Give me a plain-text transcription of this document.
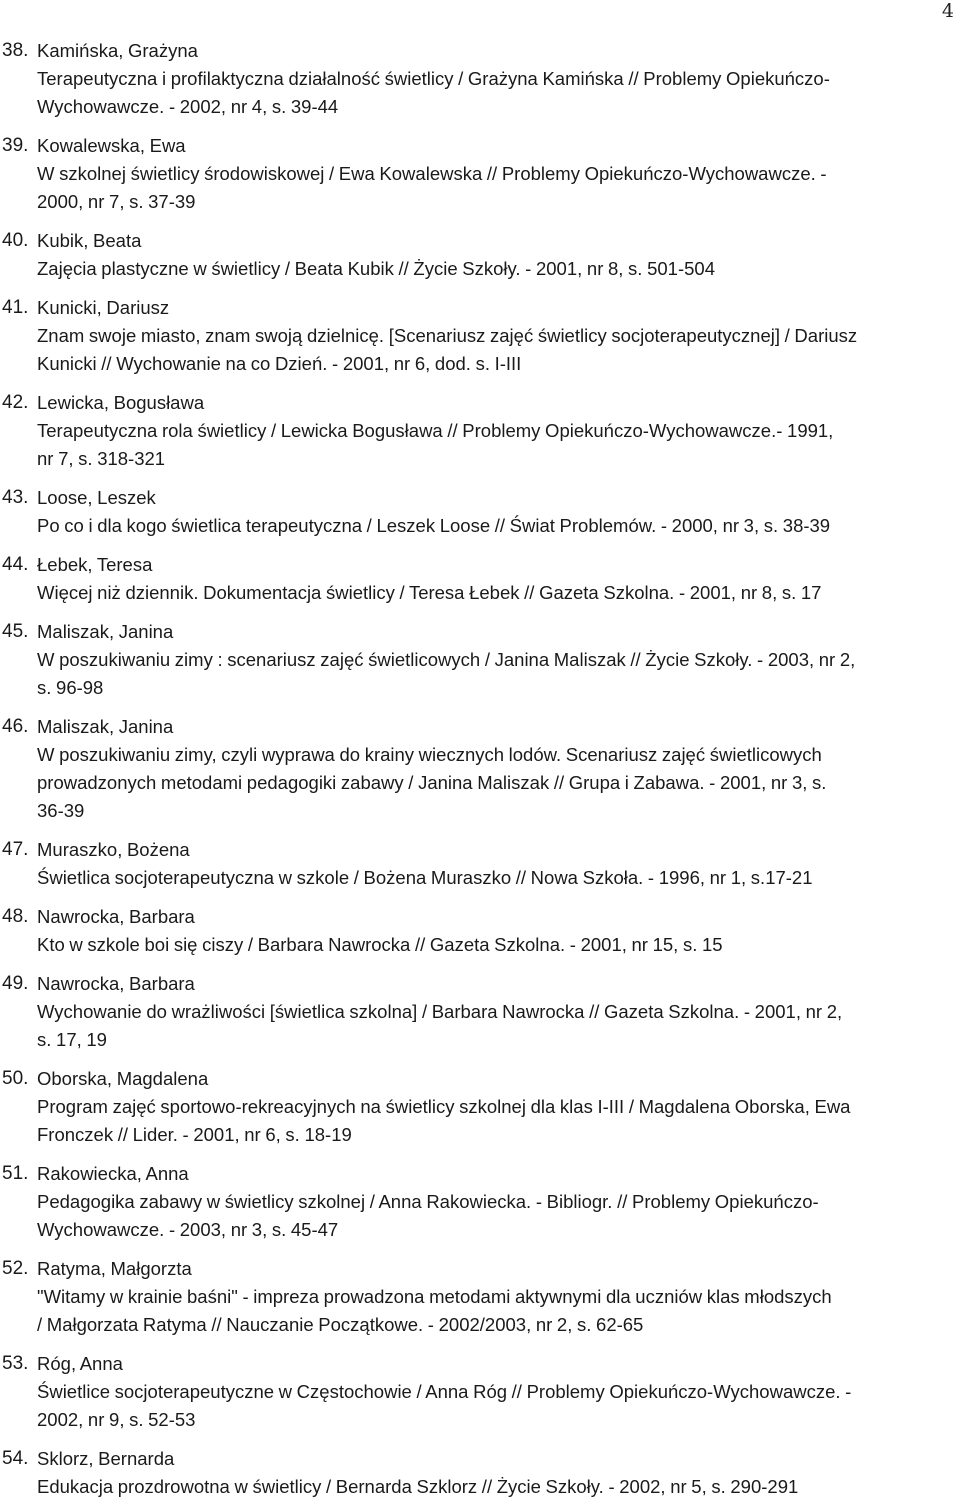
4
38. Kamińska, Grażyna
Terapeutyczna i profilaktyczna działalność świetlicy / Grażyna Kamińska // Problemy Opiekuńczo-
Wychowawcze. - 2002, nr 4, s. 39-44
39. Kowalewska, Ewa
W szkolnej świetlicy środowiskowej / Ewa Kowalewska // Problemy Opiekuńczo-Wychowawcze. -
2000, nr 7, s. 37-39
40. Kubik, Beata
Zajęcia plastyczne w świetlicy / Beata Kubik // Życie Szkoły. - 2001, nr 8, s. 501-504
41. Kunicki, Dariusz
Znam swoje miasto, znam swoją dzielnicę. [Scenariusz zajęć świetlicy socjoterapeutycznej] / Dariusz
Kunicki // Wychowanie na co Dzień. - 2001, nr 6, dod. s. I-III
42. Lewicka, Bogusława
Terapeutyczna rola świetlicy / Lewicka Bogusława // Problemy Opiekuńczo-Wychowawcze.- 1991,
nr 7, s. 318-321
43. Loose, Leszek
Po co i dla kogo świetlica terapeutyczna / Leszek Loose // Świat Problemów. - 2000, nr 3, s. 38-39
44. Łebek, Teresa
Więcej niż dziennik. Dokumentacja świetlicy / Teresa Łebek // Gazeta Szkolna. - 2001, nr 8, s. 17
45. Maliszak, Janina
W poszukiwaniu zimy : scenariusz zajęć świetlicowych / Janina Maliszak // Życie Szkoły. - 2003, nr 2,
s. 96-98
46. Maliszak, Janina
W poszukiwaniu zimy, czyli wyprawa do krainy wiecznych lodów. Scenariusz zajęć świetlicowych
prowadzonych metodami pedagogiki zabawy / Janina Maliszak // Grupa i Zabawa. - 2001, nr 3, s.
36-39
47. Muraszko, Bożena
Świetlica socjoterapeutyczna w szkole / Bożena Muraszko // Nowa Szkoła. - 1996, nr 1, s.17-21
48. Nawrocka, Barbara
Kto w szkole boi się ciszy / Barbara Nawrocka // Gazeta Szkolna. - 2001, nr 15, s. 15
49. Nawrocka, Barbara
Wychowanie do wrażliwości [świetlica szkolna] / Barbara Nawrocka // Gazeta Szkolna. - 2001, nr 2,
s. 17, 19
50. Oborska, Magdalena
Program zajęć sportowo-rekreacyjnych na świetlicy szkolnej dla klas I-III / Magdalena Oborska, Ewa
Fronczek // Lider. - 2001, nr 6, s. 18-19
51. Rakowiecka, Anna
Pedagogika zabawy w świetlicy szkolnej / Anna Rakowiecka. - Bibliogr. // Problemy Opiekuńczo-
Wychowawcze. - 2003, nr 3, s. 45-47
52. Ratyma, Małgorzta
"Witamy w krainie baśni" - impreza prowadzona metodami aktywnymi dla uczniów klas młodszych
/ Małgorzata Ratyma // Nauczanie Początkowe. - 2002/2003, nr 2, s. 62-65
53. Róg, Anna
Świetlice socjoterapeutyczne w Częstochowie / Anna Róg // Problemy Opiekuńczo-Wychowawcze. -
2002, nr 9, s. 52-53
54. Sklorz, Bernarda
Edukacja prozdrowotna w świetlicy / Bernarda Szklorz // Życie Szkoły. - 2002, nr 5, s. 290-291
